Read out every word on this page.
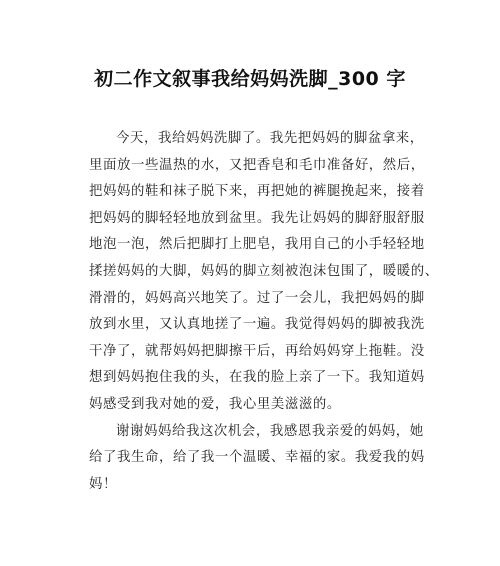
初二作文叙事我给妈妈洗脚_300 字
今天，我给妈妈洗脚了。我先把妈妈的脚盆拿来，
里面放一些温热的水，又把香皂和毛巾准备好，然后，
把妈妈的鞋和袜子脱下来，再把她的裤腿挽起来，接着
把妈妈的脚轻轻地放到盆里。我先让妈妈的脚舒服舒服
地泡一泡，然后把脚打上肥皂，我用自己的小手轻轻地
揉搓妈妈的大脚，妈妈的脚立刻被泡沫包围了，暖暖的、
滑滑的，妈妈高兴地笑了。过了一会儿，我把妈妈的脚
放到水里，又认真地搓了一遍。我觉得妈妈的脚被我洗
干净了，就帮妈妈把脚擦干后，再给妈妈穿上拖鞋。没
想到妈妈抱住我的头，在我的脸上亲了一下。我知道妈
妈感受到我对她的爱，我心里美滋滋的。
谢谢妈妈给我这次机会，我感恩我亲爱的妈妈，她
给了我生命，给了我一个温暖、幸福的家。我爱我的妈
妈！
